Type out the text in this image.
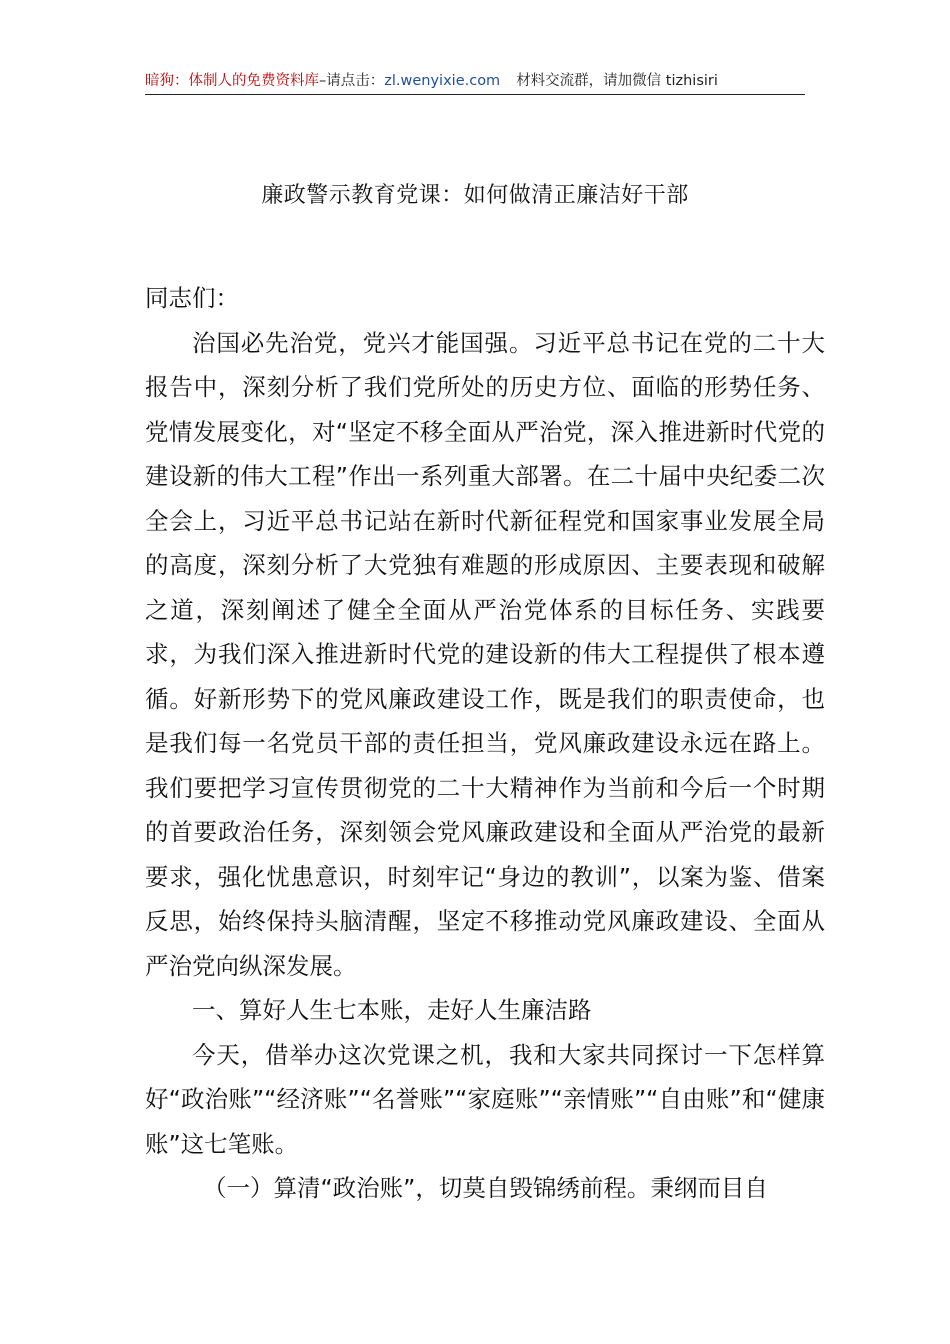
暗狗：体制人的免费资料库–请点击：zl.wenyixie.com 材料交流群，请加微信 tizhisiri
廉政警示教育党课：如何做清正廉洁好干部

同志们：

治国必先治党，党兴才能国强。习近平总书记在党的二十大报告中，深刻分析了我们党所处的历史方位、面临的形势任务、党情发展变化，对“坚定不移全面从严治党，深入推进新时代党的建设新的伟大工程”作出一系列重大部署。在二十届中央纪委二次全会上，习近平总书记站在新时代新征程党和国家事业发展全局的高度，深刻分析了大党独有难题的形成原因、主要表现和破解之道，深刻阐述了健全全面从严治党体系的目标任务、实践要求，为我们深入推进新时代党的建设新的伟大工程提供了根本遵循。好新形势下的党风廉政建设工作，既是我们的职责使命，也是我们每一名党员干部的责任担当，党风廉政建设永远在路上。我们要把学习宣传贯彻党的二十大精神作为当前和今后一个时期的首要政治任务，深刻领会党风廉政建设和全面从严治党的最新要求，强化忧患意识，时刻牢记“身边的教训”，以案为鉴、借案反思，始终保持头脑清醒，坚定不移推动党风廉政建设、全面从严治党向纵深发展。

一、算好人生七本账，走好人生廉洁路

今天，借举办这次党课之机，我和大家共同探讨一下怎样算好“政治账”“经济账”“名誉账”“家庭账”“亲情账”“自由账”和“健康账”这七笔账。

（一）算清“政治账”，切莫自毁锦绣前程。秉纲而目自
